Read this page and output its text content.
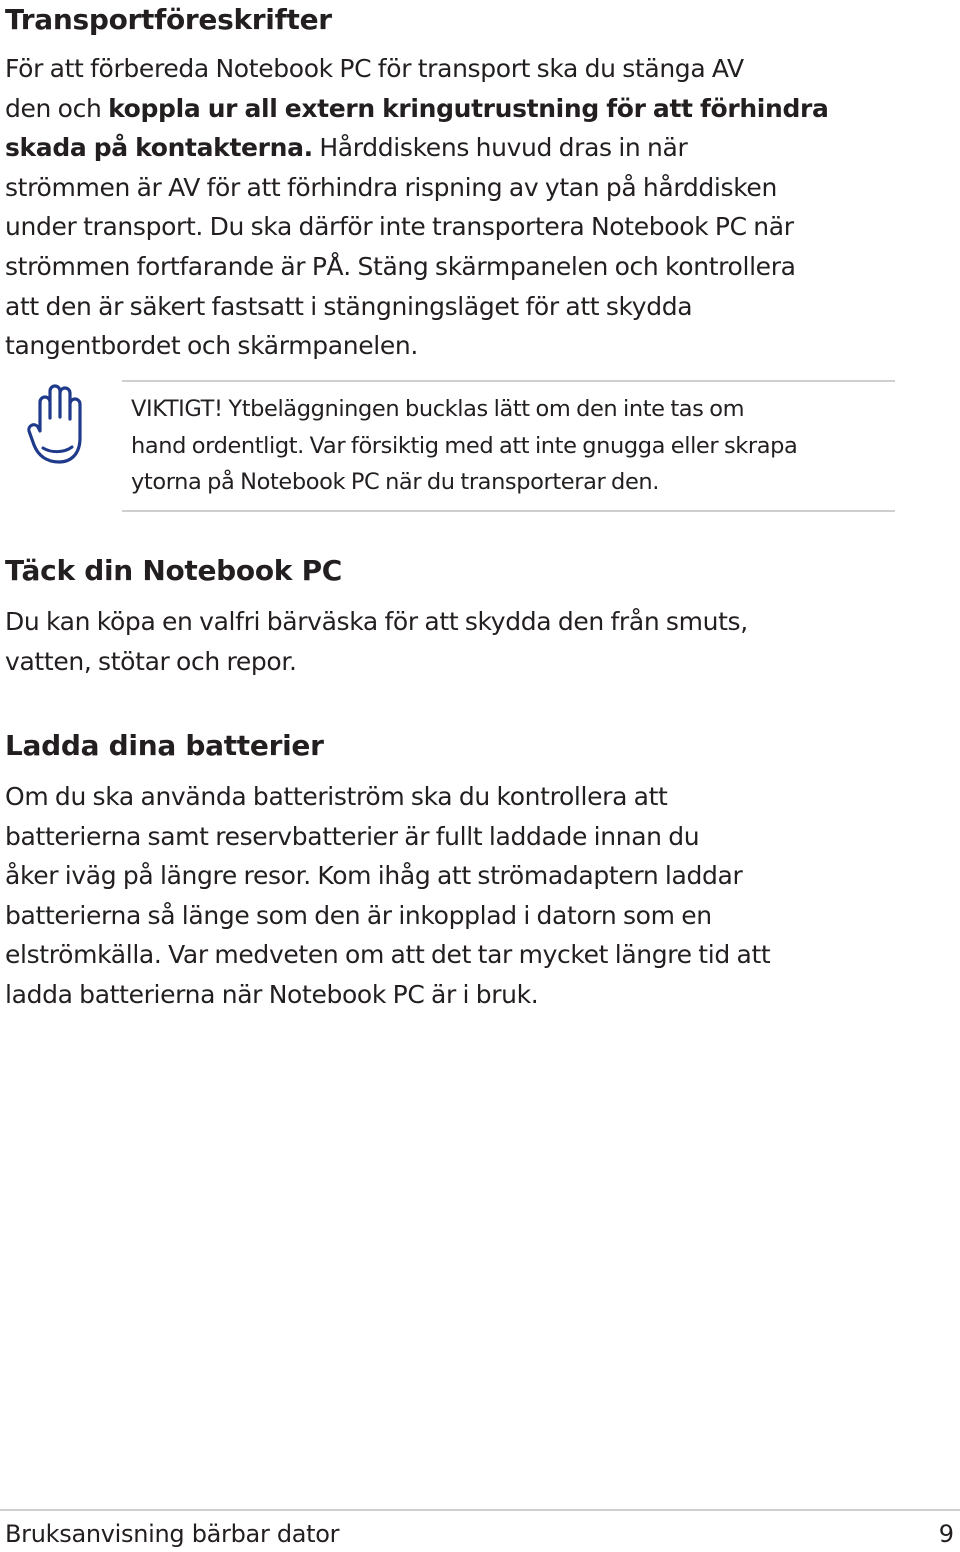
Transportföreskrifter

För att förbereda Notebook PC för transport ska du stänga AV
den och koppla ur all extern kringutrustning för att förhindra
skada på kontakterna. Hårddiskens huvud dras in när
strömmen är AV för att förhindra rispning av ytan på hårddisken
under transport. Du ska därför inte transportera Notebook PC när
strömmen fortfarande är PÅ. Stäng skärmpanelen och kontrollera
att den är säkert fastsatt i stängningsläget för att skydda
tangentbordet och skärmpanelen.

VIKTIGT! Ytbeläggningen bucklas lätt om den inte tas om
hand ordentligt. Var försiktig med att inte gnugga eller skrapa
ytorna på Notebook PC när du transporterar den.

Täck din Notebook PC

Du kan köpa en valfri bärväska för att skydda den från smuts,
vatten, stötar och repor.

Ladda dina batterier

Om du ska använda batteriström ska du kontrollera att
batterierna samt reservbatterier är fullt laddade innan du
åker iväg på längre resor. Kom ihåg att strömadaptern laddar
batterierna så länge som den är inkopplad i datorn som en
elströmkälla. Var medveten om att det tar mycket längre tid att
ladda batterierna när Notebook PC är i bruk.

Bruksanvisning bärbar dator	9
